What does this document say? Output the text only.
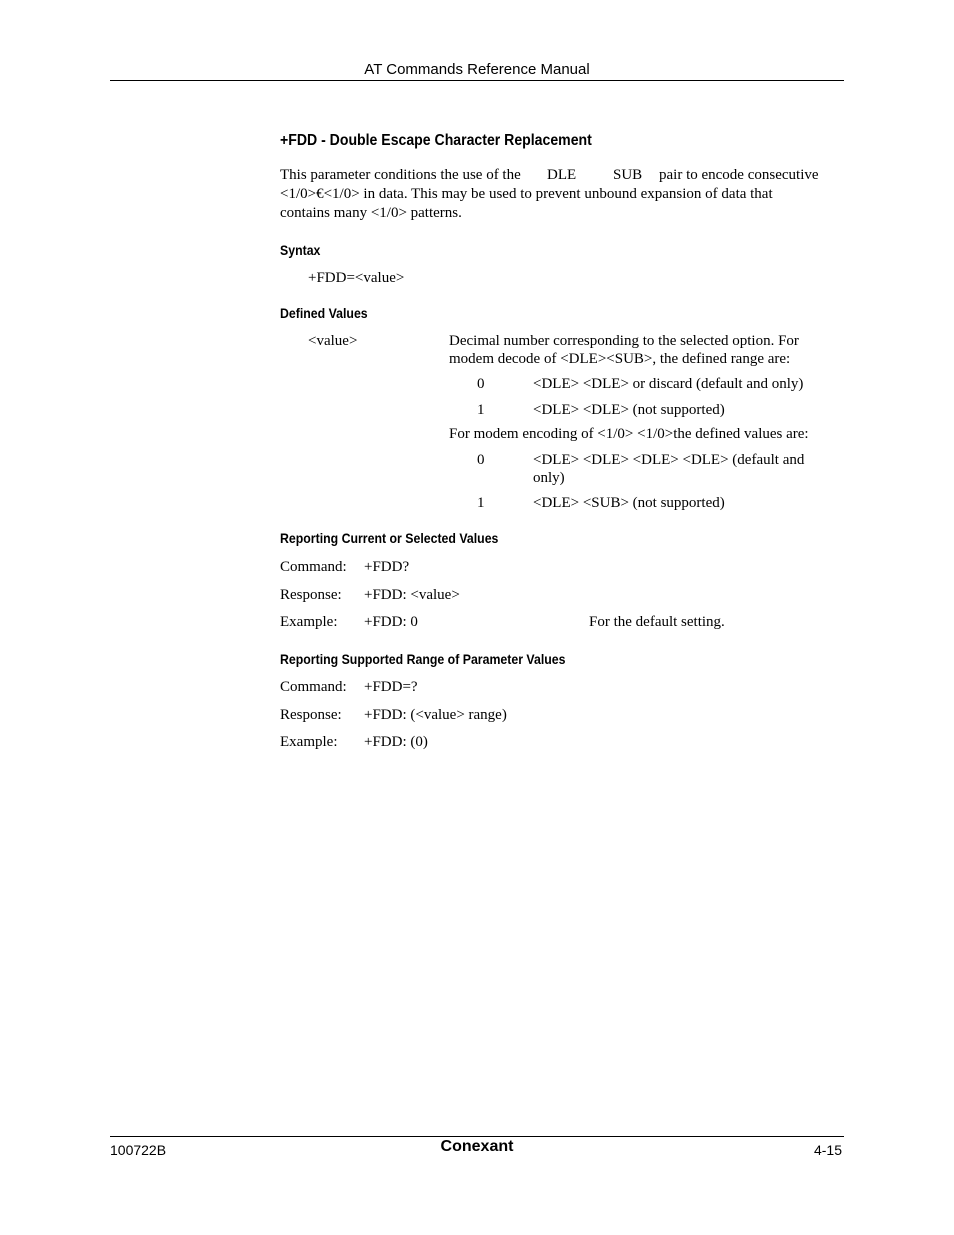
AT Commands Reference Manual
+FDD - Double Escape Character Replacement
This parameter conditions the use of the DLE SUB pair to encode consecutive
<1/0>€<1/0> in data. This may be used to prevent unbound expansion of data that
contains many <1/0> patterns.
Syntax
+FDD=<value>
Defined Values
<value>	Decimal number corresponding to the selected option. For
modem decode of <DLE><SUB>, the defined range are:
0	<DLE> <DLE> or discard (default and only)
1	<DLE> <DLE> (not supported)
For modem encoding of <1/0> <1/0>the defined values are:
0	<DLE> <DLE> <DLE> <DLE> (default and
only)
1	<DLE> <SUB> (not supported)
Reporting Current or Selected Values
Command: +FDD?
Response: +FDD: <value>
Example: +FDD: 0	For the default setting.
Reporting Supported Range of Parameter Values
Command: +FDD=?
Response: +FDD: (<value> range)
Example: +FDD: (0)
100722B	Conexant	4-15
